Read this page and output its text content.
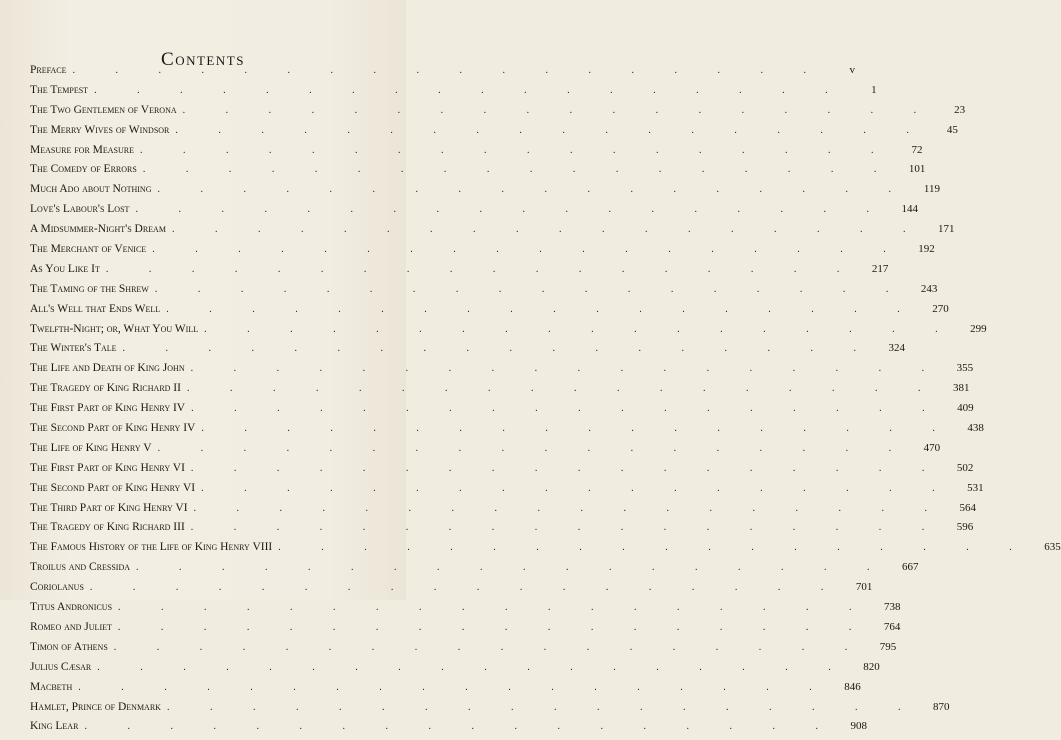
Contents
Preface . . . . . . . . . . . . . . . . . .	v
The Tempest . . . . . . . . . . . . . . . . . .	1
The Two Gentlemen of Verona . . . . . . . . . . . . . . . . . .	23
The Merry Wives of Windsor . . . . . . . . . . . . . . . . . .	45
Measure for Measure . . . . . . . . . . . . . . . . . .	72
The Comedy of Errors . . . . . . . . . . . . . . . . . .	101
Much Ado about Nothing . . . . . . . . . . . . . . . . . .	119
Love's Labour's Lost . . . . . . . . . . . . . . . . . .	144
A Midsummer-Night's Dream . . . . . . . . . . . . . . . . . .	171
The Merchant of Venice . . . . . . . . . . . . . . . . . .	192
As You Like It . . . . . . . . . . . . . . . . . .	217
The Taming of the Shrew . . . . . . . . . . . . . . . . . .	243
All's Well that Ends Well . . . . . . . . . . . . . . . . . .	270
Twelfth-Night; or, What You Will . . . . . . . . . . . . . . . . . .	299
The Winter's Tale . . . . . . . . . . . . . . . . . .	324
The Life and Death of King John . . . . . . . . . . . . . . . . . .	355
The Tragedy of King Richard II . . . . . . . . . . . . . . . . . .	381
The First Part of King Henry IV . . . . . . . . . . . . . . . . . .	409
The Second Part of King Henry IV . . . . . . . . . . . . . . . . . .	438
The Life of King Henry V . . . . . . . . . . . . . . . . . .	470
The First Part of King Henry VI . . . . . . . . . . . . . . . . . .	502
The Second Part of King Henry VI . . . . . . . . . . . . . . . . . .	531
The Third Part of King Henry VI . . . . . . . . . . . . . . . . . .	564
The Tragedy of King Richard III . . . . . . . . . . . . . . . . . .	596
The Famous History of the Life of King Henry VIII . . . . . . . . . . . . . . . . . .	635
Troilus and Cressida . . . . . . . . . . . . . . . . . .	667
Coriolanus . . . . . . . . . . . . . . . . . .	701
Titus Andronicus . . . . . . . . . . . . . . . . . .	738
Romeo and Juliet . . . . . . . . . . . . . . . . . .	764
Timon of Athens . . . . . . . . . . . . . . . . . .	795
Julius Cæsar . . . . . . . . . . . . . . . . . .	820
Macbeth . . . . . . . . . . . . . . . . . .	846
Hamlet, Prince of Denmark . . . . . . . . . . . . . . . . . .	870
King Lear . . . . . . . . . . . . . . . . . .	908
